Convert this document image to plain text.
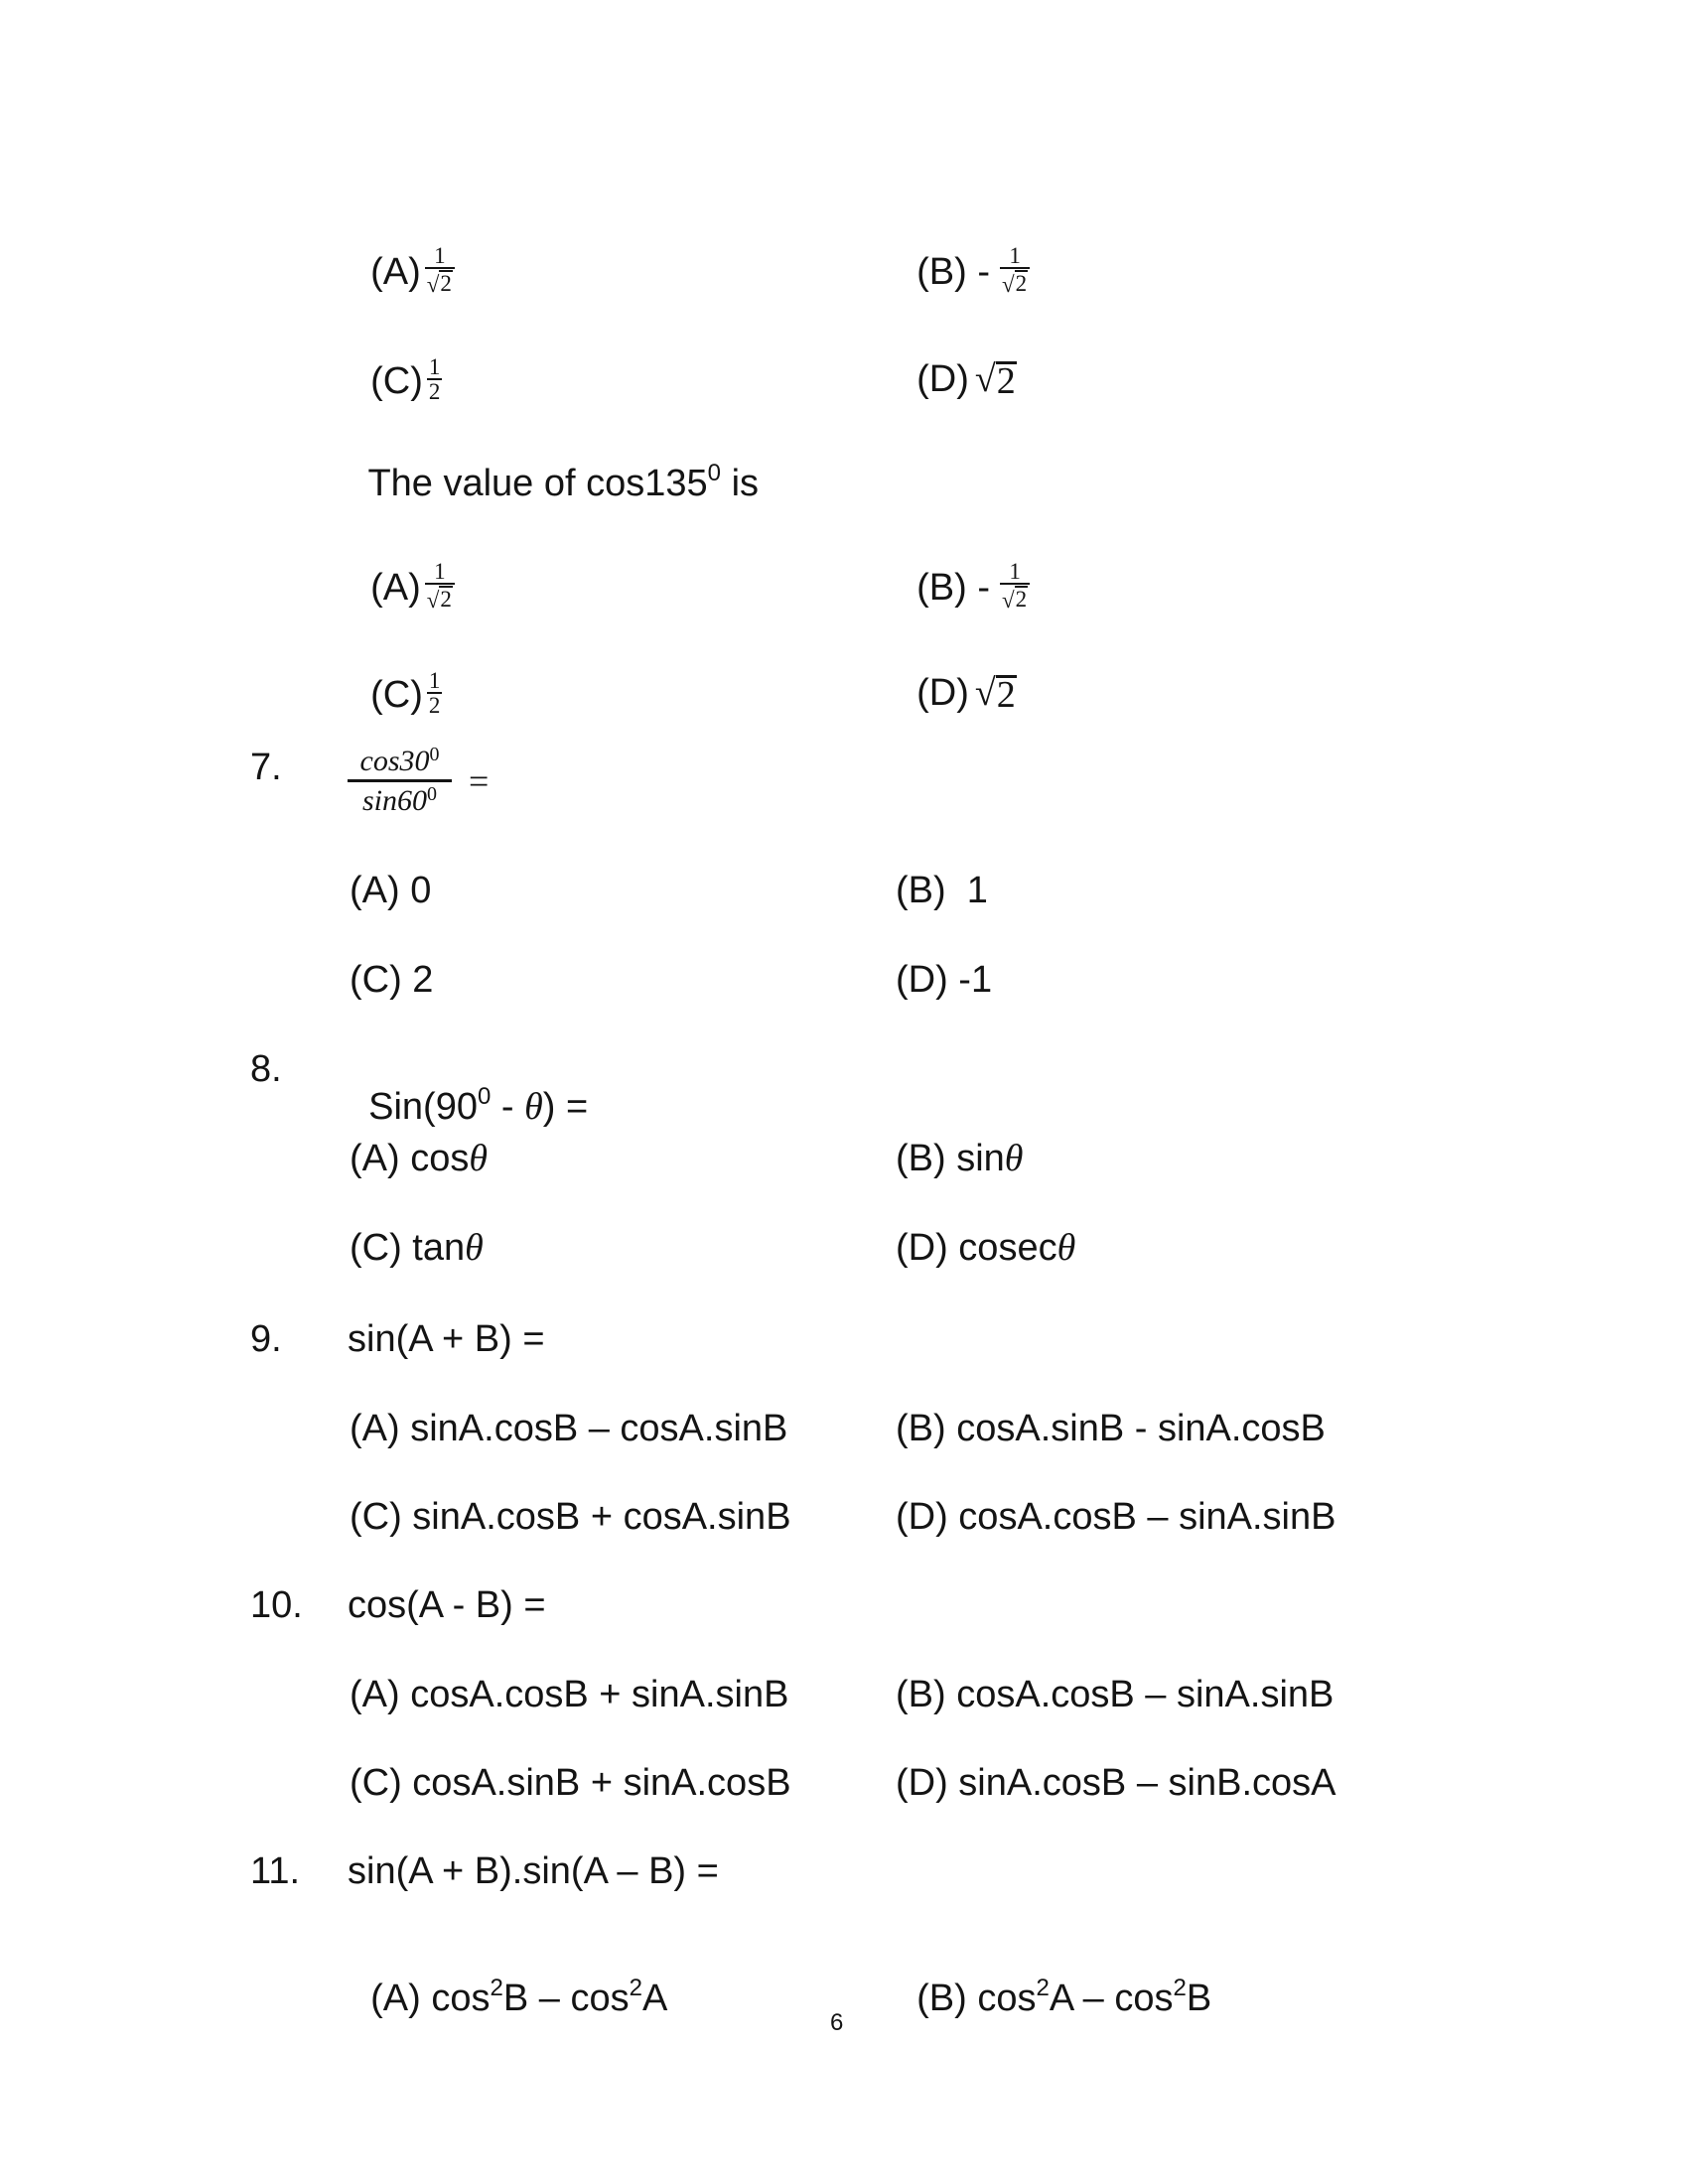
$(A) \frac{1}{√ 2}$	$(B) - \frac{1}{√ 2}$

$(C) \frac{1}{2}$	(D) √ 2

The value of $\cos 135^0$ is

$(A) \frac{1}{√ 2}$	$(B) - \frac{1}{√ 2}$

$(C) \frac{1}{2}$	(D) √ 2

7.	$\cos 30^0$
$\sin 60^0$ =
(A) 0	(B)  1
(C) 2	(D) -1
8.

$Sin(90^0 - \theta)$ =

(A) cosθ	(B) sinθ
(C) tanθ	(D) cosecθ
9. sin(A + B) =
(A) sinA.cosB – cosA.sinB	(B) cosA.sinB - sinA.cosB
(C) sinA.cosB + cosA.sinB	(D) cosA.cosB – sinA.sinB
10. cos(A - B) =
(A) cosA.cosB + sinA.sinB	(B) cosA.cosB – sinA.sinB
(C) cosA.sinB + sinA.cosB	(D) sinA.cosB – sinB.cosA
11. sin(A + B).sin(A – B) =

(A) $\cos^2B - \cos^2A$	(B) $\cos^2A - \cos^2B$

6
